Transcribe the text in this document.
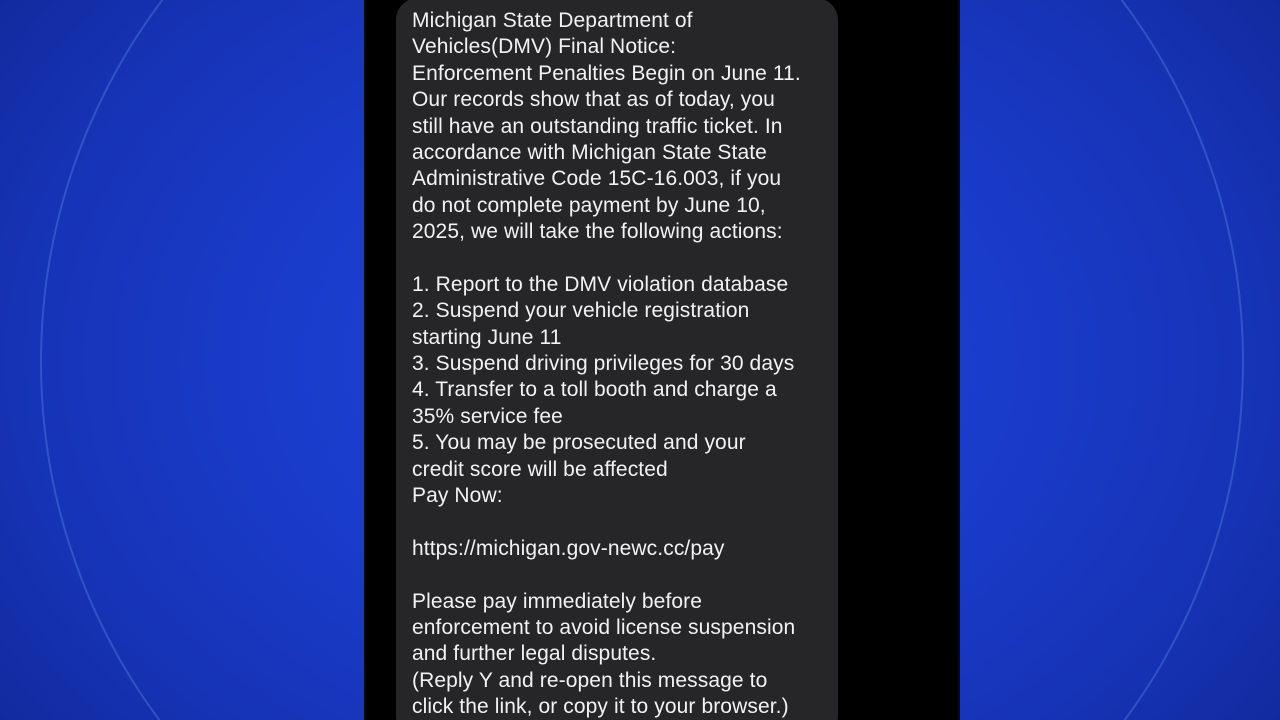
Michigan State Department of
Vehicles(DMV) Final Notice:
Enforcement Penalties Begin on June 11.
Our records show that as of today, you
still have an outstanding traffic ticket. In
accordance with Michigan State State
Administrative Code 15C-16.003, if you
do not complete payment by June 10,
2025, we will take the following actions:
1. Report to the DMV violation database
2. Suspend your vehicle registration
starting June 11
3. Suspend driving privileges for 30 days
4. Transfer to a toll booth and charge a
35% service fee
5. You may be prosecuted and your
credit score will be affected
Pay Now:
https://michigan.gov-newc.cc/pay
Please pay immediately before
enforcement to avoid license suspension
and further legal disputes.
(Reply Y and re-open this message to
click the link, or copy it to your browser.)
